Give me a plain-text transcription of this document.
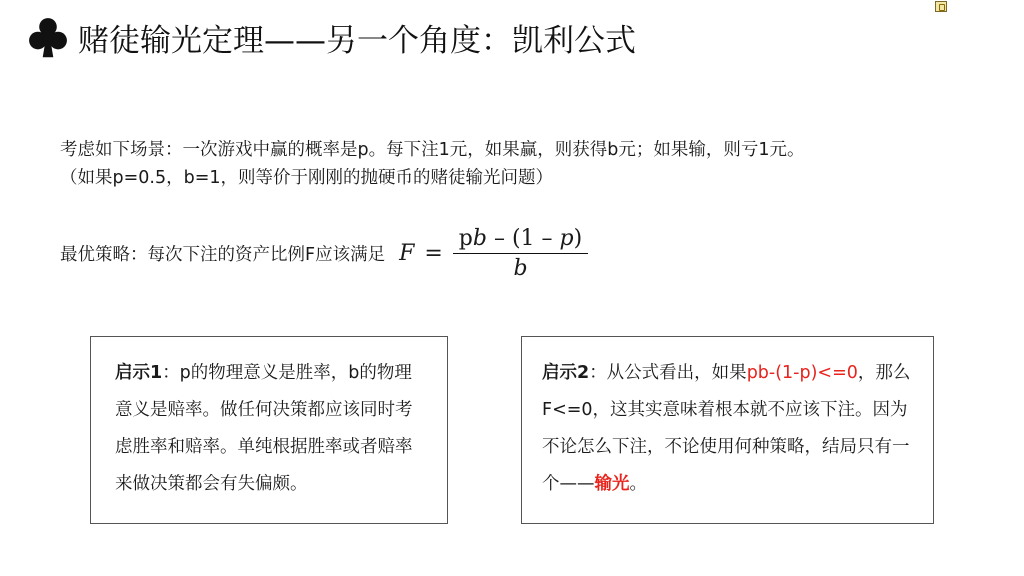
赌徒输光定理——另一个角度：凯利公式

考虑如下场景：一次游戏中赢的概率是p。每下注1元，如果赢，则获得b元；如果输，则亏1元。

（如果p=0.5，b=1，则等价于刚刚的抛硬币的赌徒输光问题）

最优策略：每次下注的资产比例F应该满足 $F = \frac{pb - (1 - p)}{b}$
启示1：p的物理意义是胜率，b的物理意义是赔率。做任何决策都应该同时考虑胜率和赔率。单纯根据胜率或者赔率来做决策都会有失偏颇。
启示2：从公式看出，如果pb-(1-p)<=0，那么F<=0，这其实意味着根本就不应该下注。因为不论怎么下注，不论使用何种策略，结局只有一个——输光。
